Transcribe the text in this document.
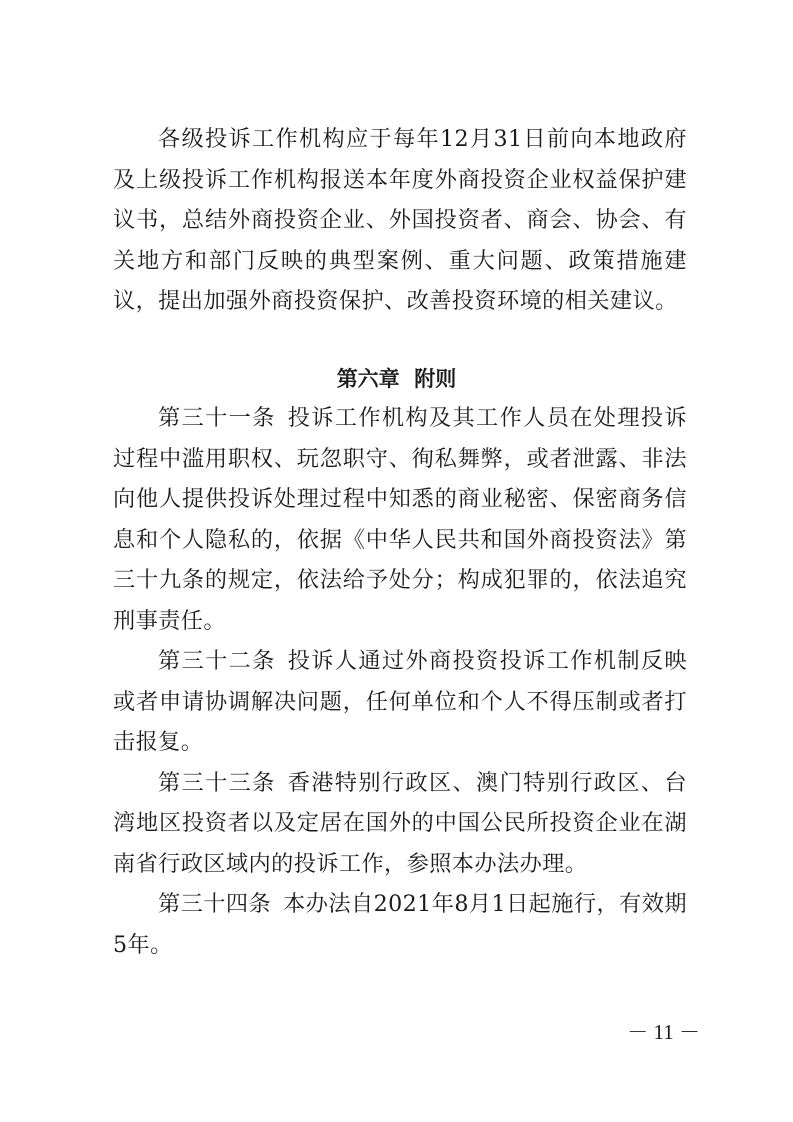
各级投诉工作机构应于每年12月31日前向本地政府及上级投诉工作机构报送本年度外商投资企业权益保护建议书，总结外商投资企业、外国投资者、商会、协会、有关地方和部门反映的典型案例、重大问题、政策措施建议，提出加强外商投资保护、改善投资环境的相关建议。

第六章  附则

第三十一条 投诉工作机构及其工作人员在处理投诉过程中滥用职权、玩忽职守、徇私舞弊，或者泄露、非法向他人提供投诉处理过程中知悉的商业秘密、保密商务信息和个人隐私的，依据《中华人民共和国外商投资法》第三十九条的规定，依法给予处分；构成犯罪的，依法追究刑事责任。

第三十二条 投诉人通过外商投资投诉工作机制反映或者申请协调解决问题，任何单位和个人不得压制或者打击报复。

第三十三条 香港特别行政区、澳门特别行政区、台湾地区投资者以及定居在国外的中国公民所投资企业在湖南省行政区域内的投诉工作，参照本办法办理。

第三十四条 本办法自2021年8月1日起施行，有效期5年。

－ 11 －
